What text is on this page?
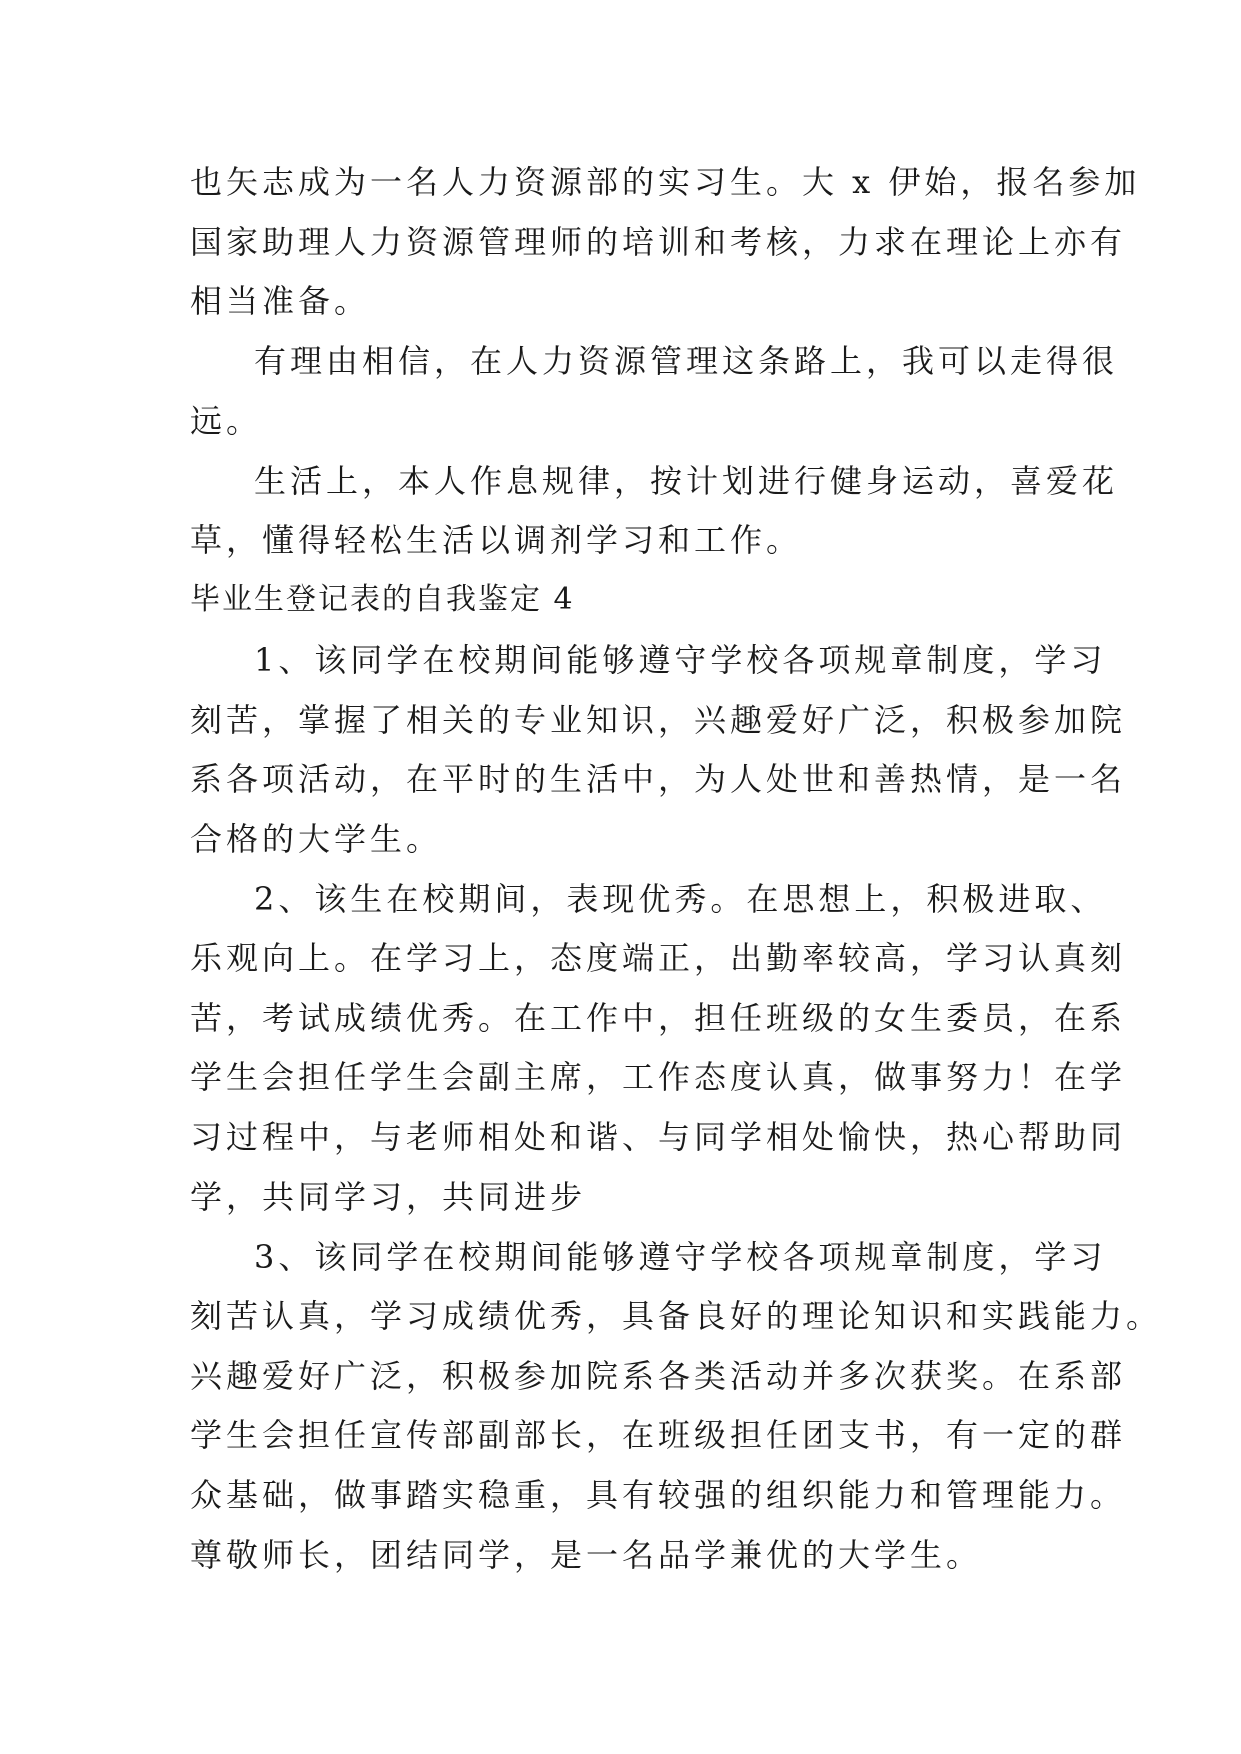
也矢志成为一名人力资源部的实习生。大 x 伊始，报名参加
国家助理人力资源管理师的培训和考核，力求在理论上亦有
相当准备。
有理由相信，在人力资源管理这条路上，我可以走得很
远。
生活上，本人作息规律，按计划进行健身运动，喜爱花
草，懂得轻松生活以调剂学习和工作。
毕业生登记表的自我鉴定 4
1、该同学在校期间能够遵守学校各项规章制度，学习
刻苦，掌握了相关的专业知识，兴趣爱好广泛，积极参加院
系各项活动，在平时的生活中，为人处世和善热情，是一名
合格的大学生。
2、该生在校期间，表现优秀。在思想上，积极进取、
乐观向上。在学习上，态度端正，出勤率较高，学习认真刻
苦，考试成绩优秀。在工作中，担任班级的女生委员，在系
学生会担任学生会副主席，工作态度认真，做事努力！在学
习过程中，与老师相处和谐、与同学相处愉快，热心帮助同
学，共同学习，共同进步
3、该同学在校期间能够遵守学校各项规章制度，学习
刻苦认真，学习成绩优秀，具备良好的理论知识和实践能力。
兴趣爱好广泛，积极参加院系各类活动并多次获奖。在系部
学生会担任宣传部副部长，在班级担任团支书，有一定的群
众基础，做事踏实稳重，具有较强的组织能力和管理能力。
尊敬师长，团结同学，是一名品学兼优的大学生。
